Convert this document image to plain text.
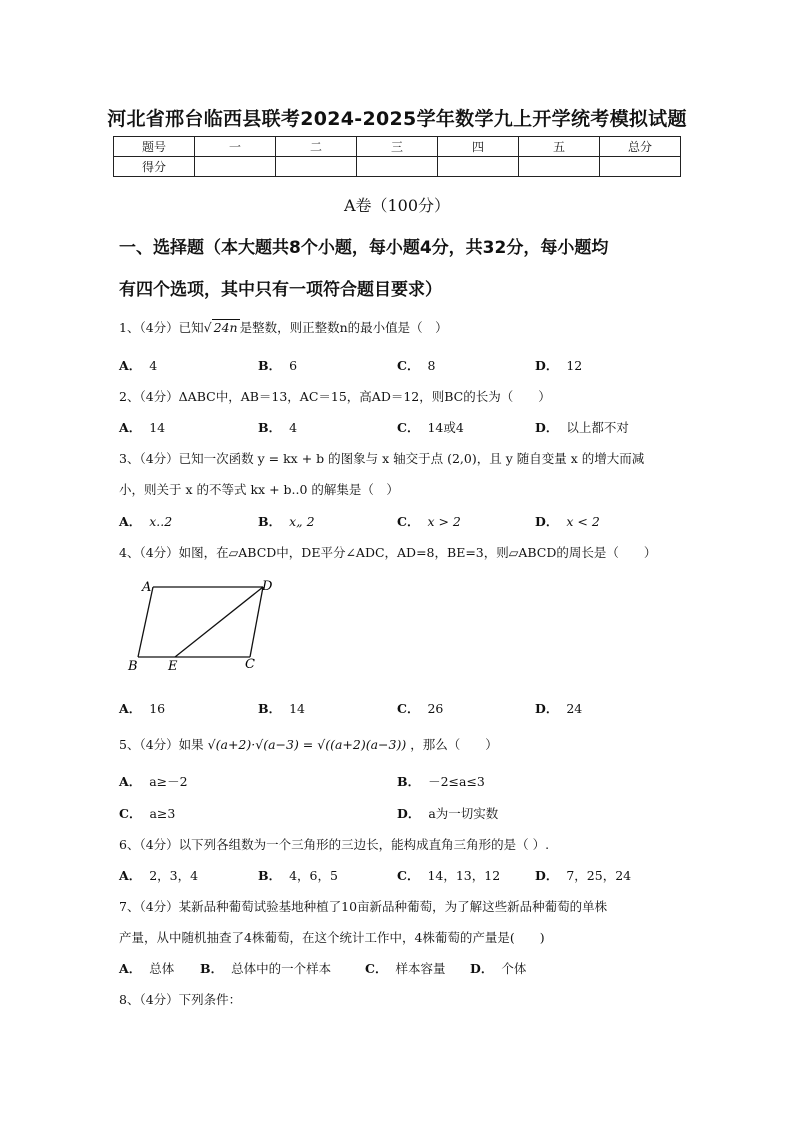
河北省邢台临西县联考2024-2025学年数学九上开学统考模拟试题
题号	一	二	三	四	五	总分
得分						
A卷（100分）
一、选择题（本大题共8个小题，每小题4分，共32分，每小题均
有四个选项，其中只有一项符合题目要求）
1、（4分）已知√ 24n 是整数，则正整数n的最小值是（　）
A． 4	B． 6	C． 8	D． 12
2、（4分）ΔABC中，AB＝13，AC＝15，高AD＝12，则BC的长为（　　）
A． 14	B． 4	C． 14或4	D． 以上都不对
3、（4分）已知一次函数 y = kx + b 的图象与 x 轴交于点 (2,0)，且 y 随自变量 x 的增大而减
小，则关于 x 的不等式 kx + b..0 的解集是（　）
A． x..2	B． x„ 2	C． x > 2	D． x < 2
4、（4分）如图，在▱ABCD中，DE平分∠ADC，AD=8，BE=3，则▱ABCD的周长是（　　）
A	D
B E	C
A． 16	B． 14	C． 26	D． 24
5、（4分）如果 √(a+2)·√(a−3) = √((a+2)(a−3)) ，那么（　　）
A． a≥－2	B． －2≤a≤3
C． a≥3	D． a为一切实数
6、（4分）以下列各组数为一个三角形的三边长，能构成直角三角形的是（ ）.
A． 2，3，4	B． 4，6，5	C． 14，13，12	D． 7，25，24
7、（4分）某新品种葡萄试验基地种植了10亩新品种葡萄，为了解这些新品种葡萄的单株
产量，从中随机抽查了4株葡萄，在这个统计工作中，4株葡萄的产量是(　　)
A． 总体 B． 总体中的一个样本	C． 样本容量 D． 个体
8、（4分）下列条件：
